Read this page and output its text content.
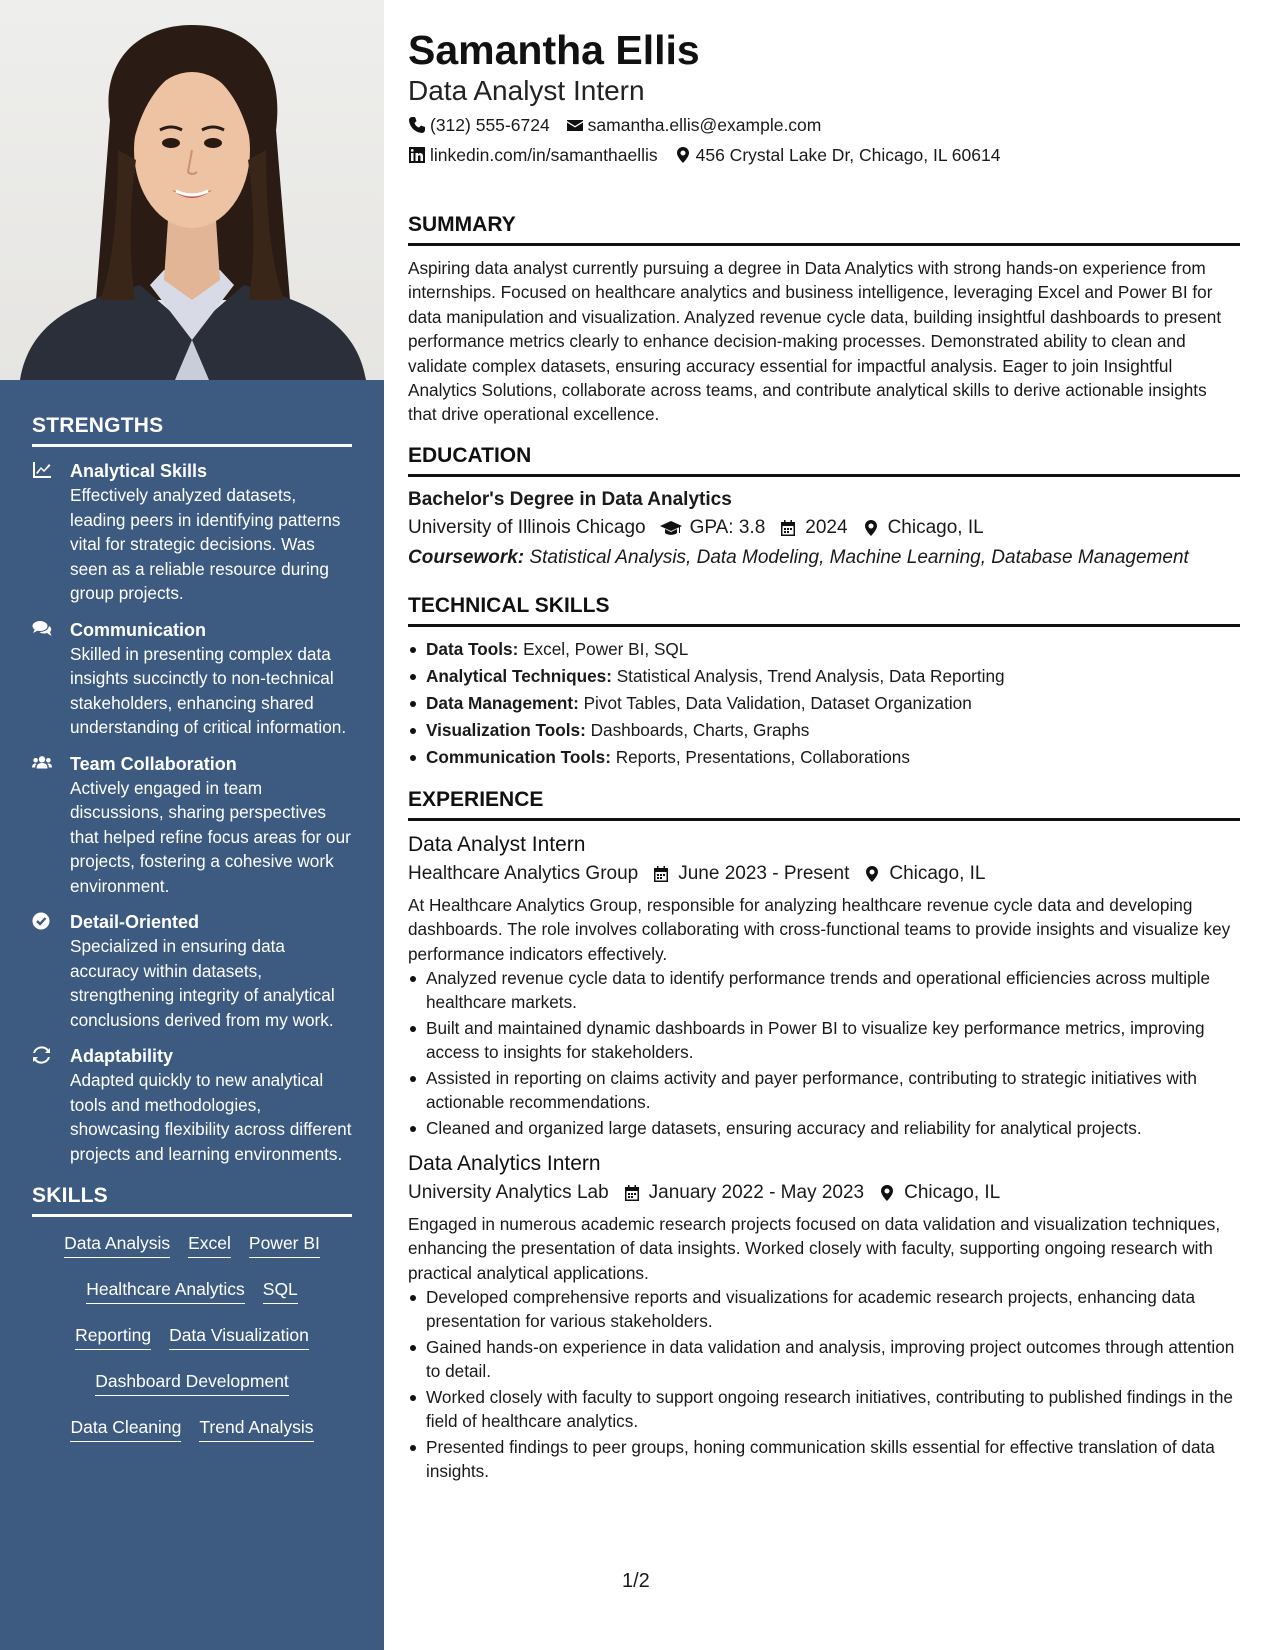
STRENGTHS
Analytical Skills
Effectively analyzed datasets, leading peers in identifying patterns vital for strategic decisions. Was seen as a reliable resource during group projects.
Communication
Skilled in presenting complex data insights succinctly to non-technical stakeholders, enhancing shared understanding of critical information.
Team Collaboration
Actively engaged in team discussions, sharing perspectives that helped refine focus areas for our projects, fostering a cohesive work environment.
Detail-Oriented
Specialized in ensuring data accuracy within datasets, strengthening integrity of analytical conclusions derived from my work.
Adaptability
Adapted quickly to new analytical tools and methodologies, showcasing flexibility across different projects and learning environments.
SKILLS
Data Analysis Excel Power BI
Healthcare Analytics SQL
Reporting Data Visualization
Dashboard Development
Data Cleaning Trend Analysis
Samantha Ellis
Data Analyst Intern
(312) 555-6724 samantha.ellis@example.com
linkedin.com/in/samanthaellis 456 Crystal Lake Dr, Chicago, IL 60614
SUMMARY
Aspiring data analyst currently pursuing a degree in Data Analytics with strong hands-on experience from internships. Focused on healthcare analytics and business intelligence, leveraging Excel and Power BI for data manipulation and visualization. Analyzed revenue cycle data, building insightful dashboards to present performance metrics clearly to enhance decision-making processes. Demonstrated ability to clean and validate complex datasets, ensuring accuracy essential for impactful analysis. Eager to join Insightful Analytics Solutions, collaborate across teams, and contribute analytical skills to derive actionable insights that drive operational excellence.
EDUCATION
Bachelor's Degree in Data Analytics
University of Illinois Chicago GPA: 3.8 2024 Chicago, IL
Coursework: Statistical Analysis, Data Modeling, Machine Learning, Database Management
TECHNICAL SKILLS
Data Tools: Excel, Power BI, SQL
Analytical Techniques: Statistical Analysis, Trend Analysis, Data Reporting
Data Management: Pivot Tables, Data Validation, Dataset Organization
Visualization Tools: Dashboards, Charts, Graphs
Communication Tools: Reports, Presentations, Collaborations
EXPERIENCE
Data Analyst Intern
Healthcare Analytics Group June 2023 - Present Chicago, IL
At Healthcare Analytics Group, responsible for analyzing healthcare revenue cycle data and developing dashboards. The role involves collaborating with cross-functional teams to provide insights and visualize key performance indicators effectively.
Analyzed revenue cycle data to identify performance trends and operational efficiencies across multiple healthcare markets.
Built and maintained dynamic dashboards in Power BI to visualize key performance metrics, improving access to insights for stakeholders.
Assisted in reporting on claims activity and payer performance, contributing to strategic initiatives with actionable recommendations.
Cleaned and organized large datasets, ensuring accuracy and reliability for analytical projects.
Data Analytics Intern
University Analytics Lab January 2022 - May 2023 Chicago, IL
Engaged in numerous academic research projects focused on data validation and visualization techniques, enhancing the presentation of data insights. Worked closely with faculty, supporting ongoing research with practical analytical applications.
Developed comprehensive reports and visualizations for academic research projects, enhancing data presentation for various stakeholders.
Gained hands-on experience in data validation and analysis, improving project outcomes through attention to detail.
Worked closely with faculty to support ongoing research initiatives, contributing to published findings in the field of healthcare analytics.
Presented findings to peer groups, honing communication skills essential for effective translation of data insights.
1/2
